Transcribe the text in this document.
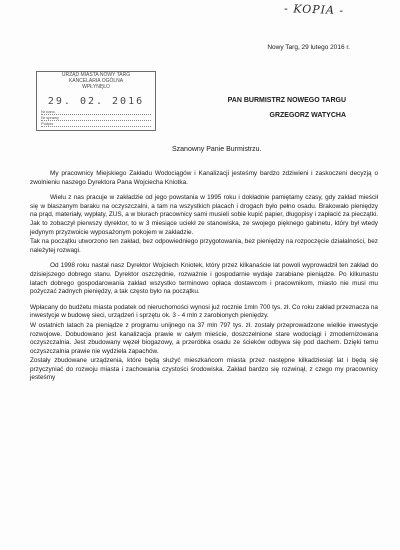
- KOPIA -
URZĄD MIASTA NOWY TARG
KANCELARIA OGÓLNA
WPŁYNĘŁO
29. 02. 2016
Nr kanc.
Nr sprawy
Podpis
Nowy Targ, 29 lutego 2016 r.
PAN BURMISTRZ NOWEGO TARGU
GRZEGORZ WATYCHA
Szanowny Panie Burmistrzu.

My pracownicy Miejskiego Zakładu Wodociągów i Kanalizacji jesteśmy bardzo zdziwieni i zaskoczeni decyzją o zwolnieniu naszego Dyrektora Pana Wojciecha Kniotka.

Wielu z nas pracuje w zakładzie od jego powstania w 1995 roku i dokładnie pamiętamy czasy, gdy zakład mieścił się w blaszanym baraku na oczyszczalni, a tam na wszystkich placach i drogach było pełno osadu. Brakowało pieniędzy na prąd, materiały, wypłaty, ZUS, a w biurach pracownicy sami musieli sobie kupić papier, długopisy i zapłacić za pieczątki. Jak to zobaczył pierwszy dyrektor, to w 3 miesiące uciekł ze stanowiska, ze swojego pięknego gabinetu, który był wtedy jedynym przyzwoicie wyposażonym pokojem w zakładzie.

Tak na początku utworzono ten zakład, bez odpowiedniego przygotowania, bez pieniędzy na rozpoczęcie działalności, bez należytej rozwagi.

Od 1998 roku nastał nasz Dyrektor Wojciech Kniotek, który przez kilkanaście lat powoli wyprowadził ten zakład do dzisiejszego dobrego stanu. Dyrektor oszczędnie, rozważnie i gospodarnie wydaje zarabiane pieniądze. Po kilkunastu latach dobrego gospodarowania zakład wszystko terminowo opłaca dostawcom i pracownikom, miasto nie musi mu pożyczać żadnych pieniędzy, a tak często było na początku.

Wpłacany do budżetu miasta podatek od nieruchomości wynosi już rocznie 1mln 700 tys. zł. Co roku zakład przeznacza na inwestycje w budowę sieci, urządzeń i sprzętu ok. 3 - 4 mln z zarobionych pieniędzy.

W ostatnich latach za pieniądze z programu unijnego na 37 mln 797 tys. zł. zostały przeprowadzone wielkie inwestycje rozwojowe. Dobudowano jest kanalizacja prawie w całym mieście, doszczelnione stare wodociągi i zmodernizowana oczyszczalnia. Jest zbudowany węzeł biogazowy, a przeróbka osadu ze ścieków odbywa się pod dachem. Dzięki temu oczyszczalnia prawie nie wydziela zapachów.

Zostały zbudowane urządzenia, które będą służyć mieszkańcom miasta przez następne kilkadziesiąt lat i będą się przyczyniać do rozwoju miasta i zachowania czystości środowiska. Zakład bardzo się rozwinął, z czego my pracownicy jesteśmy
